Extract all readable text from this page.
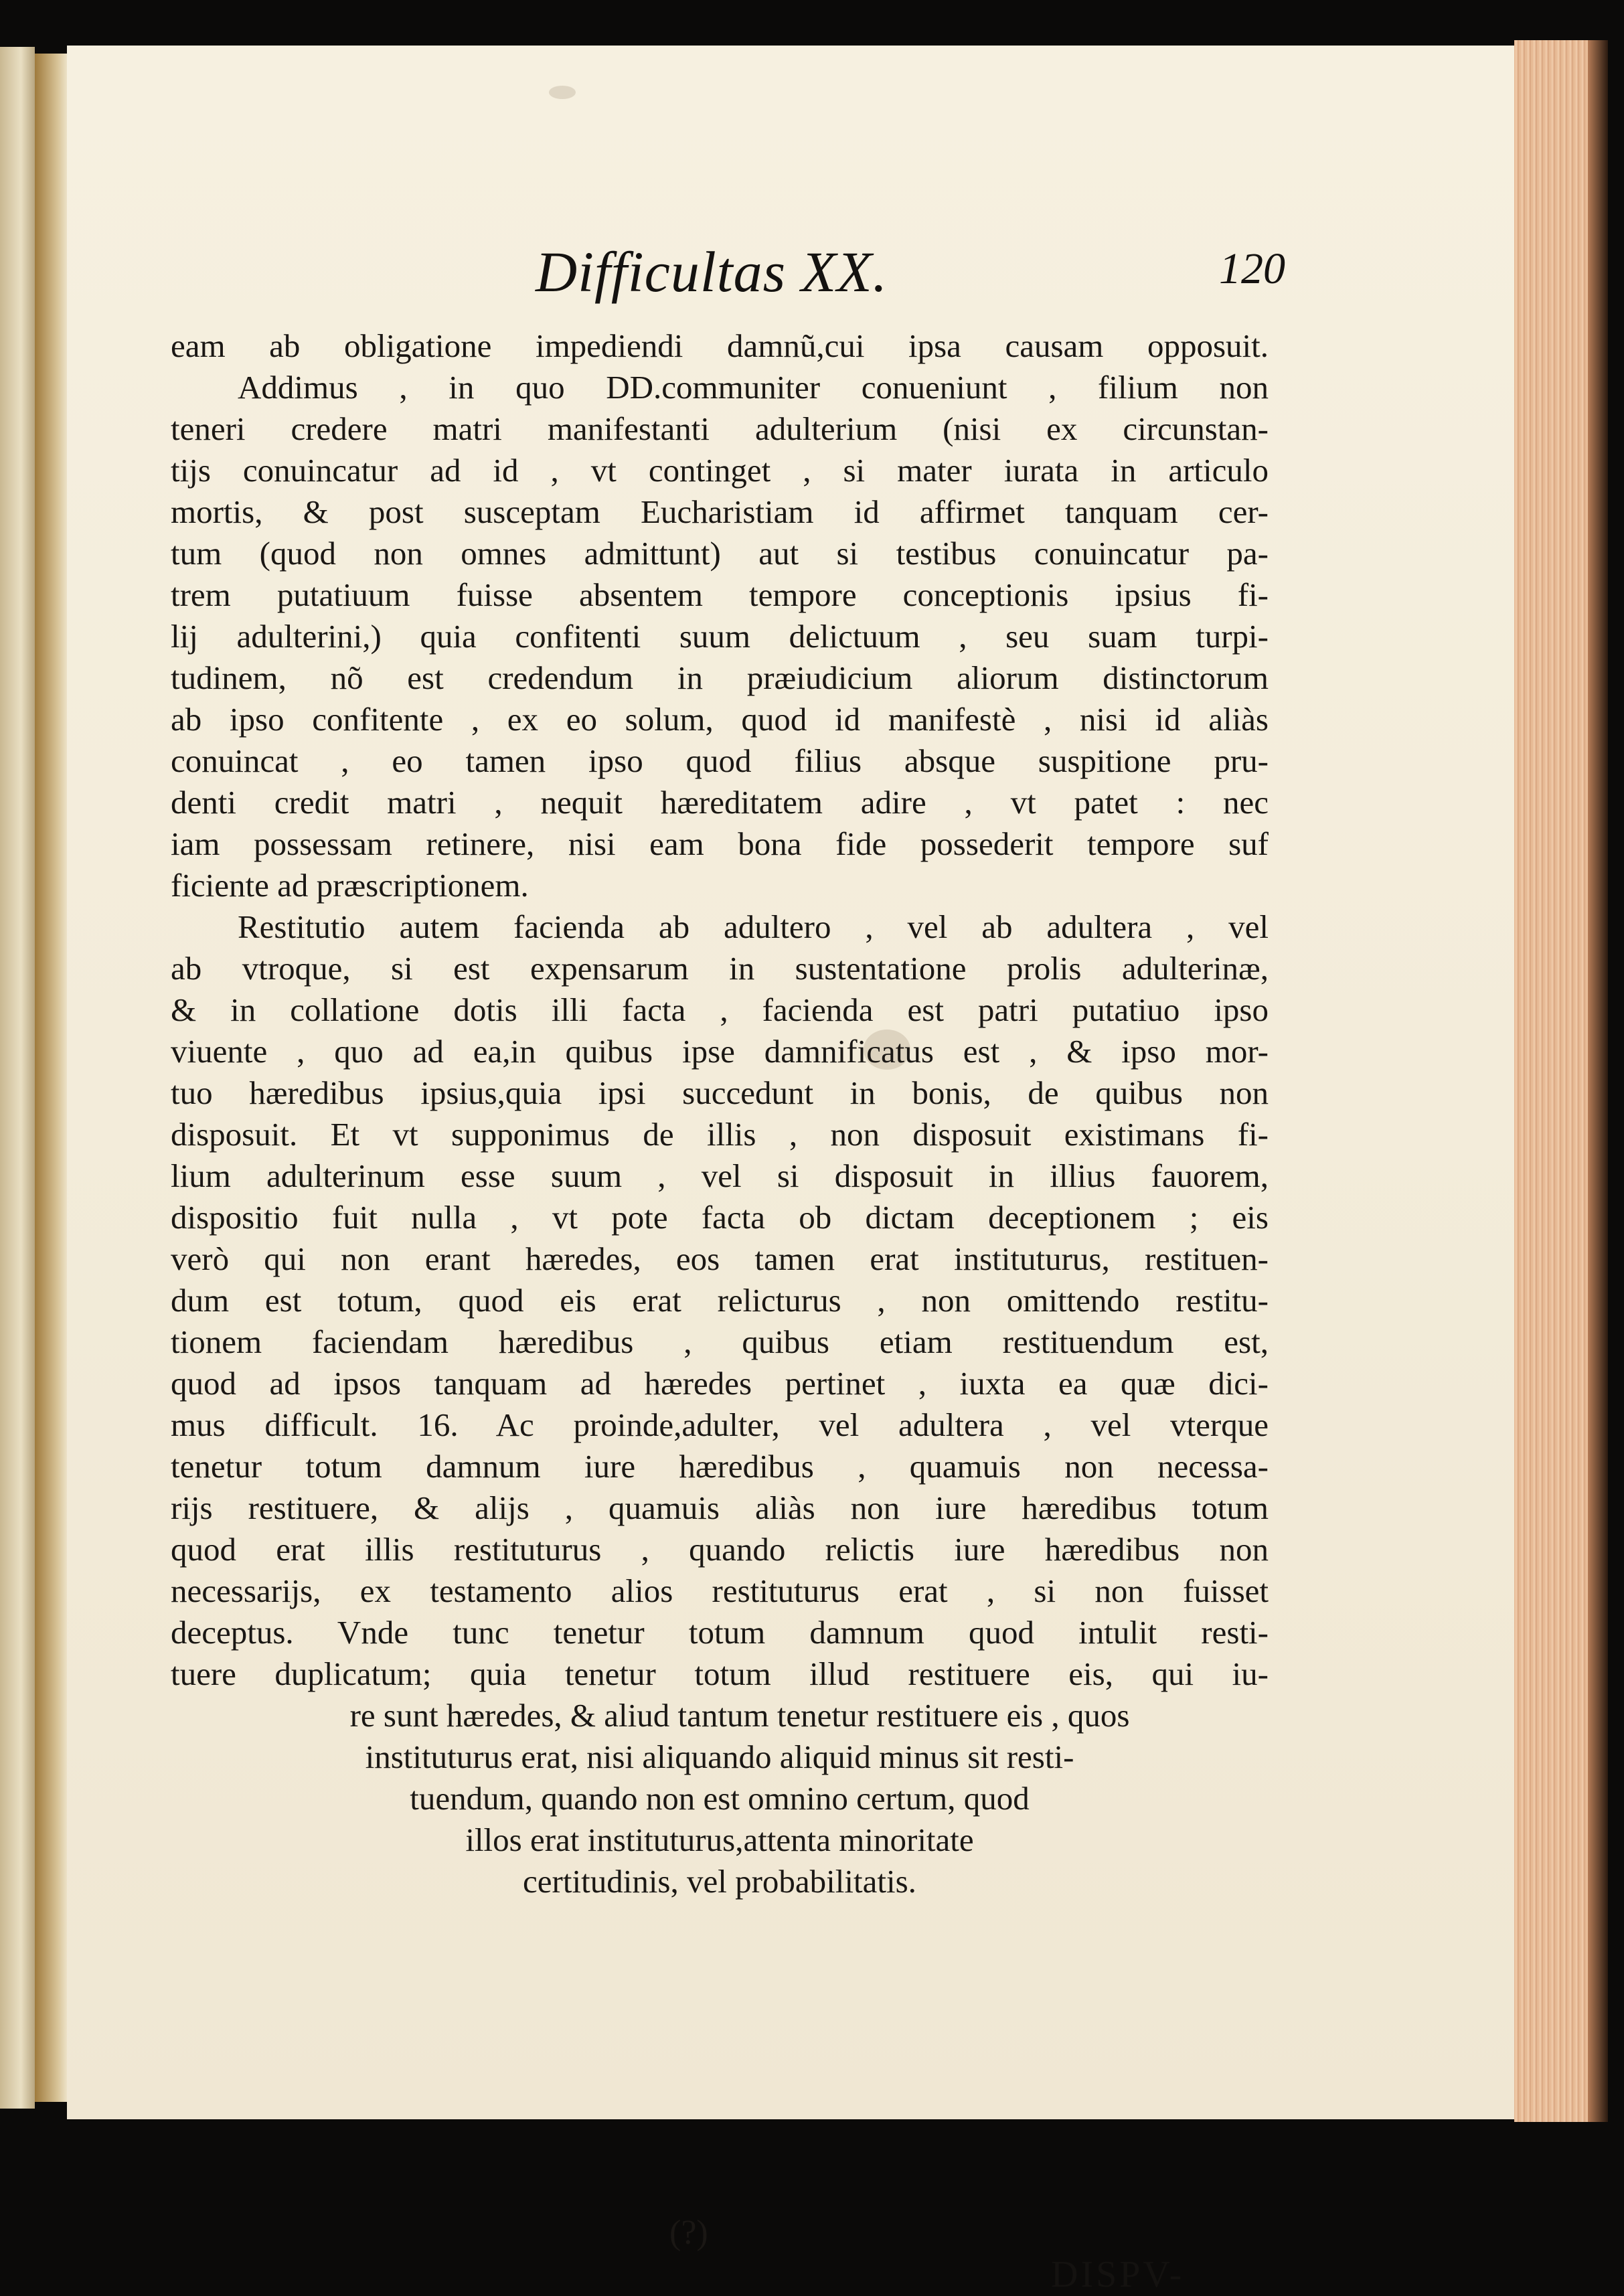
Difficultas XX.	120
eam ab obligatione impediendi damnũ,cui ipsa causam opposuit.
Addimus , in quo DD.communiter conueniunt , filium non
teneri credere matri manifestanti adulterium (nisi ex circunstan-
tijs conuincatur ad id , vt continget , si mater iurata in articulo
mortis, & post susceptam Eucharistiam id affirmet tanquam cer-
tum (quod non omnes admittunt) aut si testibus conuincatur pa-
trem putatiuum fuisse absentem tempore conceptionis ipsius fi-
lij adulterini,) quia confitenti suum delictuum , seu suam turpi-
tudinem, nõ est credendum in præiudicium aliorum distinctorum
ab ipso confitente , ex eo solum, quod id manifestè , nisi id aliàs
conuincat , eo tamen ipso quod filius absque suspitione pru-
denti credit matri , nequit hæreditatem adire , vt patet : nec
iam possessam retinere, nisi eam bona fide possederit tempore suf
ficiente ad præscriptionem.
Restitutio autem facienda ab adultero , vel ab adultera , vel
ab vtroque, si est expensarum in sustentatione prolis adulterinæ,
& in collatione dotis illi facta , facienda est patri putatiuo ipso
viuente , quo ad ea,in quibus ipse damnificatus est , & ipso mor-
tuo hæredibus ipsius,quia ipsi succedunt in bonis, de quibus non
disposuit. Et vt supponimus de illis , non disposuit existimans fi-
lium adulterinum esse suum , vel si disposuit in illius fauorem,
dispositio fuit nulla , vt pote facta ob dictam deceptionem ; eis
verò qui non erant hæredes, eos tamen erat instituturus, restituen-
dum est totum, quod eis erat relicturus , non omittendo restitu-
tionem faciendam hæredibus , quibus etiam restituendum est,
quod ad ipsos tanquam ad hæredes pertinet , iuxta ea quæ dici-
mus difficult. 16. Ac proinde,adulter, vel adultera , vel vterque
tenetur totum damnum iure hæredibus , quamuis non necessa-
rijs restituere, & alijs , quamuis aliàs non iure hæredibus totum
quod erat illis restituturus , quando relictis iure hæredibus non
necessarijs, ex testamento alios restituturus erat , si non fuisset
deceptus. Vnde tunc tenetur totum damnum quod intulit resti-
tuere duplicatum; quia tenetur totum illud restituere eis, qui iu-
re sunt hæredes, & aliud tantum tenetur restituere eis , quos
instituturus erat, nisi aliquando aliquid minus sit resti-
tuendum, quando non est omnino certum, quod
illos erat instituturus,attenta minoritate
certitudinis, vel probabilitatis.
(?)
DISPV-
